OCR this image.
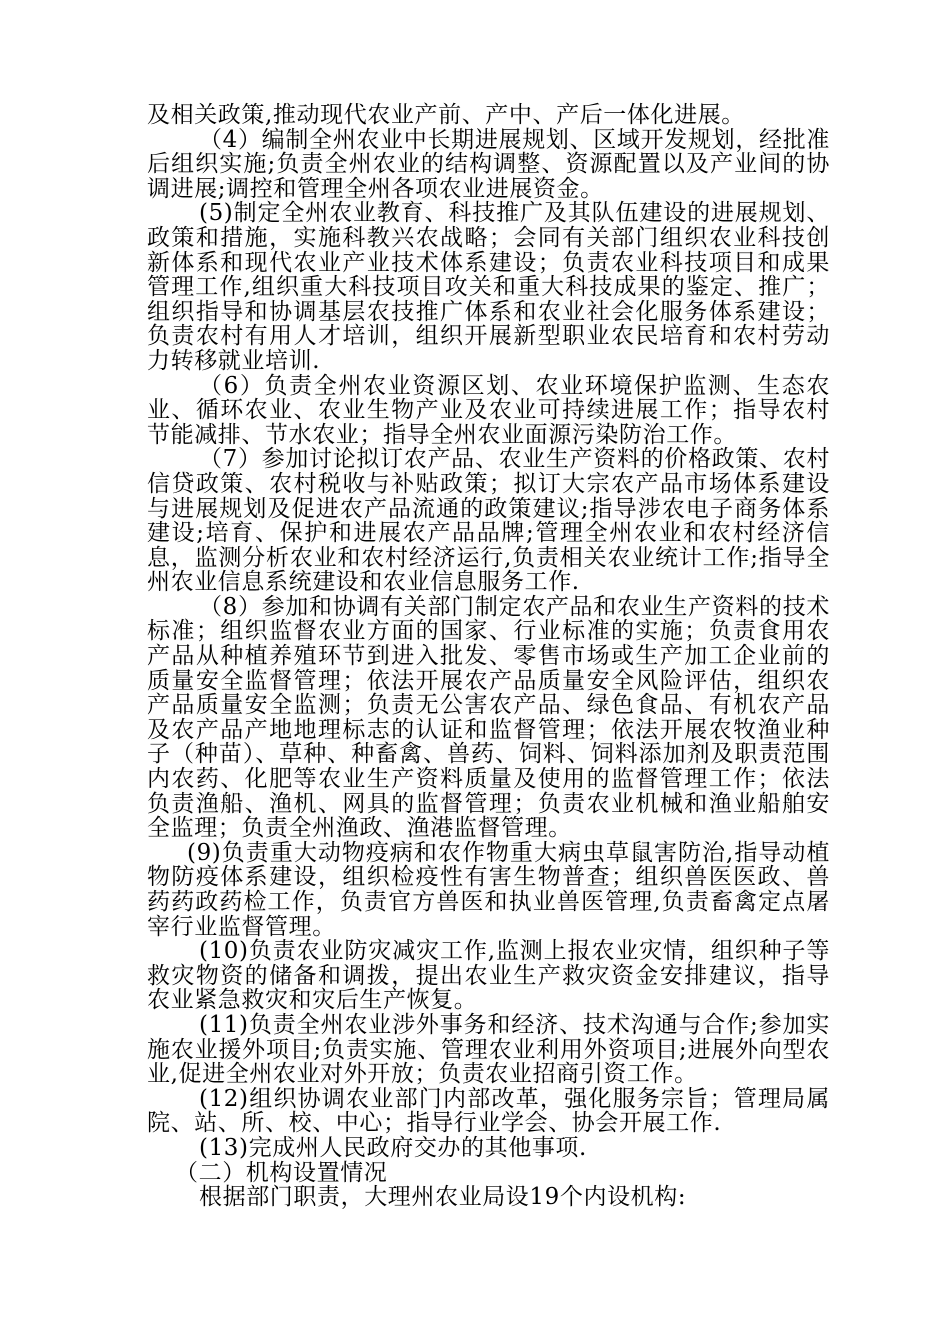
及相关政策,推动现代农业产前、产中、产后一体化进展。

（4）编制全州农业中长期进展规划、区域开发规划，经批准后组织实施;负责全州农业的结构调整、资源配置以及产业间的协调进展;调控和管理全州各项农业进展资金。

(5)制定全州农业教育、科技推广及其队伍建设的进展规划、政策和措施，实施科教兴农战略；会同有关部门组织农业科技创新体系和现代农业产业技术体系建设；负责农业科技项目和成果管理工作,组织重大科技项目攻关和重大科技成果的鉴定、推广；组织指导和协调基层农技推广体系和农业社会化服务体系建设；负责农村有用人才培训，组织开展新型职业农民培育和农村劳动力转移就业培训.

（6）负责全州农业资源区划、农业环境保护监测、生态农业、循环农业、农业生物产业及农业可持续进展工作；指导农村节能减排、节水农业；指导全州农业面源污染防治工作。

（7）参加讨论拟订农产品、农业生产资料的价格政策、农村信贷政策、农村税收与补贴政策；拟订大宗农产品市场体系建设与进展规划及促进农产品流通的政策建议;指导涉农电子商务体系建设;培育、保护和进展农产品品牌;管理全州农业和农村经济信息，监测分析农业和农村经济运行,负责相关农业统计工作;指导全州农业信息系统建设和农业信息服务工作.

（8）参加和协调有关部门制定农产品和农业生产资料的技术标准；组织监督农业方面的国家、行业标准的实施；负责食用农产品从种植养殖环节到进入批发、零售市场或生产加工企业前的质量安全监督管理；依法开展农产品质量安全风险评估，组织农产品质量安全监测；负责无公害农产品、绿色食品、有机农产品及农产品产地地理标志的认证和监督管理；依法开展农牧渔业种子（种苗）、草种、种畜禽、兽药、饲料、饲料添加剂及职责范围内农药、化肥等农业生产资料质量及使用的监督管理工作；依法负责渔船、渔机、网具的监督管理；负责农业机械和渔业船舶安全监理；负责全州渔政、渔港监督管理。

(9)负责重大动物疫病和农作物重大病虫草鼠害防治,指导动植物防疫体系建设，组织检疫性有害生物普查；组织兽医医政、兽药药政药检工作，负责官方兽医和执业兽医管理,负责畜禽定点屠宰行业监督管理。

(10)负责农业防灾减灾工作,监测上报农业灾情，组织种子等救灾物资的储备和调拨，提出农业生产救灾资金安排建议，指导农业紧急救灾和灾后生产恢复。

(11)负责全州农业涉外事务和经济、技术沟通与合作;参加实施农业援外项目;负责实施、管理农业利用外资项目;进展外向型农业,促进全州农业对外开放；负责农业招商引资工作。

(12)组织协调农业部门内部改革，强化服务宗旨；管理局属院、站、所、校、中心；指导行业学会、协会开展工作.

(13)完成州人民政府交办的其他事项.

（二）机构设置情况

根据部门职责，大理州农业局设19个内设机构:
